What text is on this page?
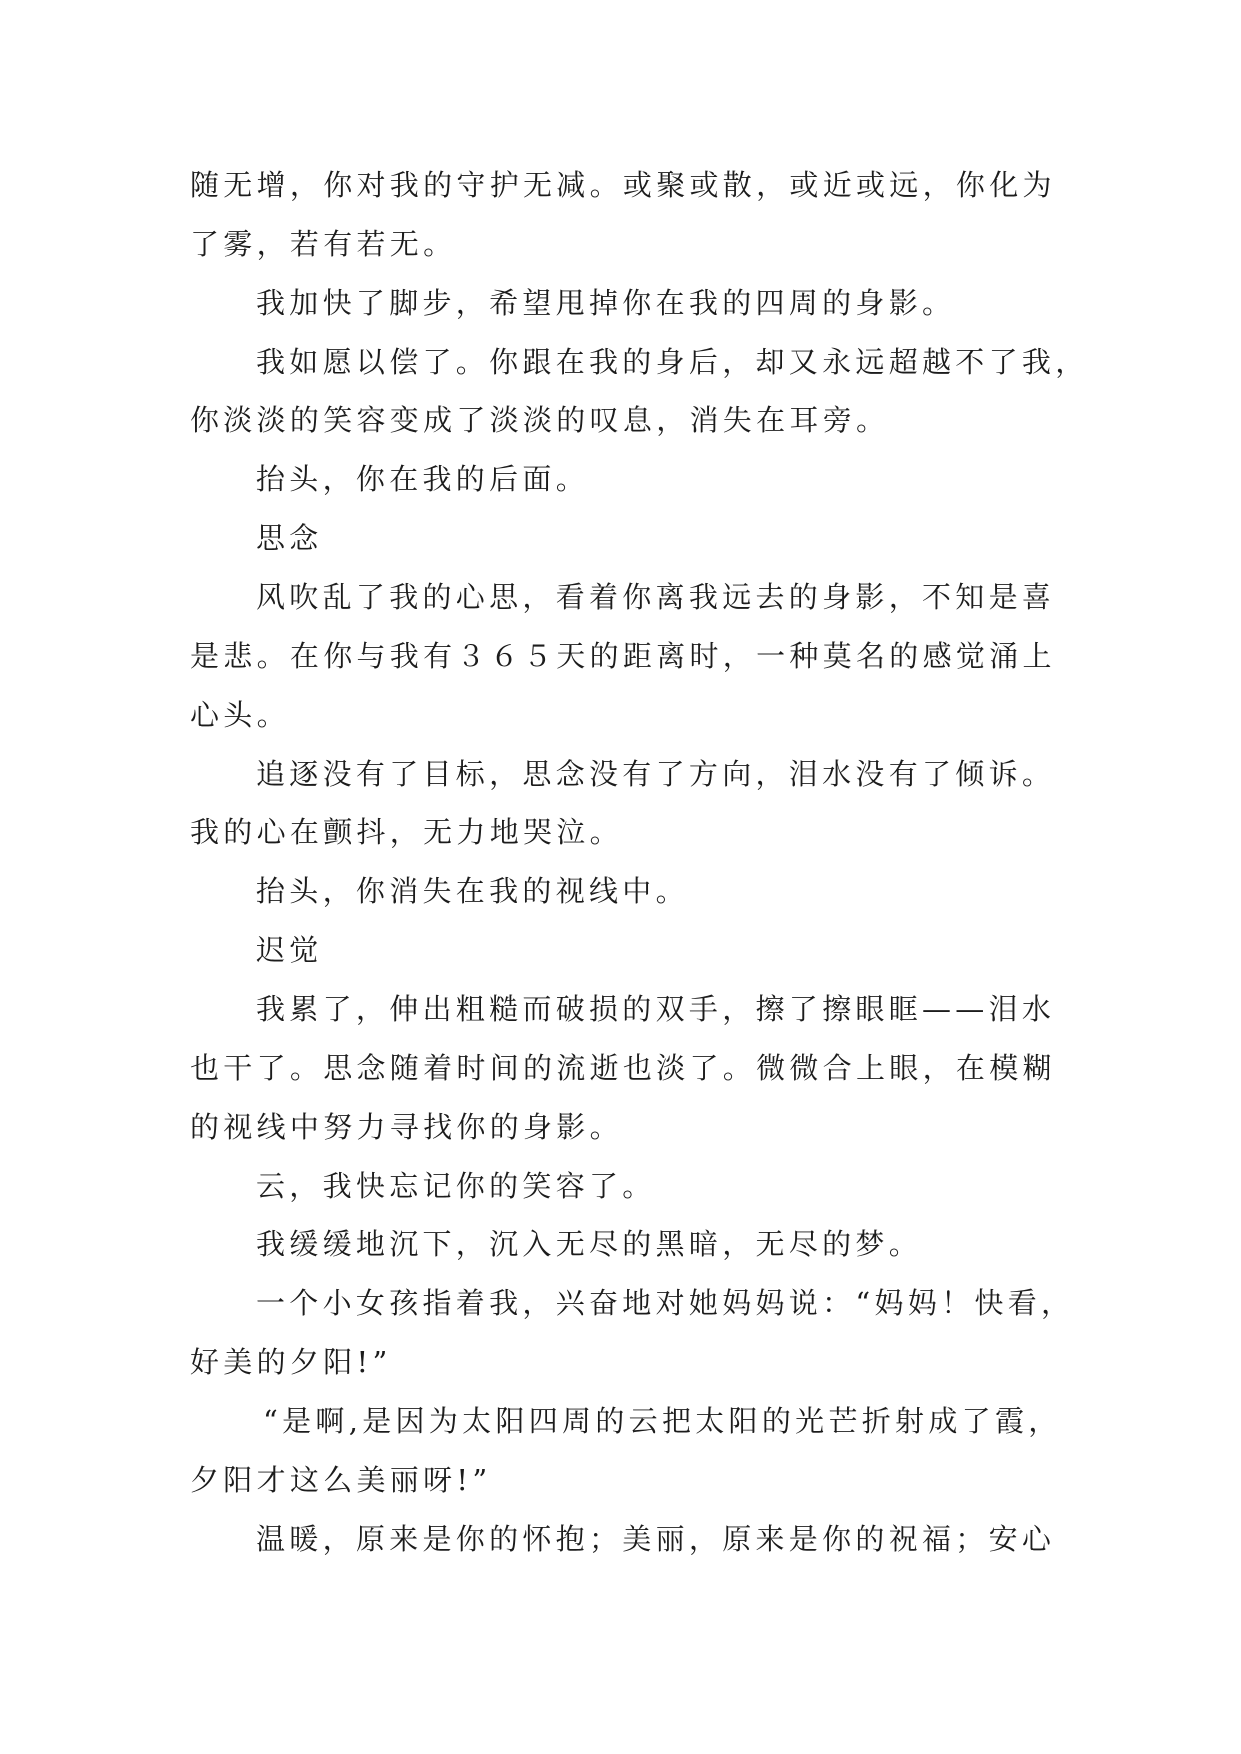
随无增，你对我的守护无减。或聚或散，或近或远，你化为
了雾，若有若无。
我加快了脚步，希望甩掉你在我的四周的身影。
我如愿以偿了。你跟在我的身后，却又永远超越不了我，
你淡淡的笑容变成了淡淡的叹息，消失在耳旁。
抬头，你在我的后面。
思念
风吹乱了我的心思，看着你离我远去的身影，不知是喜
是悲。在你与我有３６５天的距离时，一种莫名的感觉涌上
心头。
追逐没有了目标，思念没有了方向，泪水没有了倾诉。
我的心在颤抖，无力地哭泣。
抬头，你消失在我的视线中。
迟觉
我累了，伸出粗糙而破损的双手，擦了擦眼眶——泪水
也干了。思念随着时间的流逝也淡了。微微合上眼，在模糊
的视线中努力寻找你的身影。
云，我快忘记你的笑容了。
我缓缓地沉下，沉入无尽的黑暗，无尽的梦。
一个小女孩指着我，兴奋地对她妈妈说：“妈妈！快看，
好美的夕阳!”
“是啊,是因为太阳四周的云把太阳的光芒折射成了霞，
夕阳才这么美丽呀!”
温暖，原来是你的怀抱；美丽，原来是你的祝福；安心
